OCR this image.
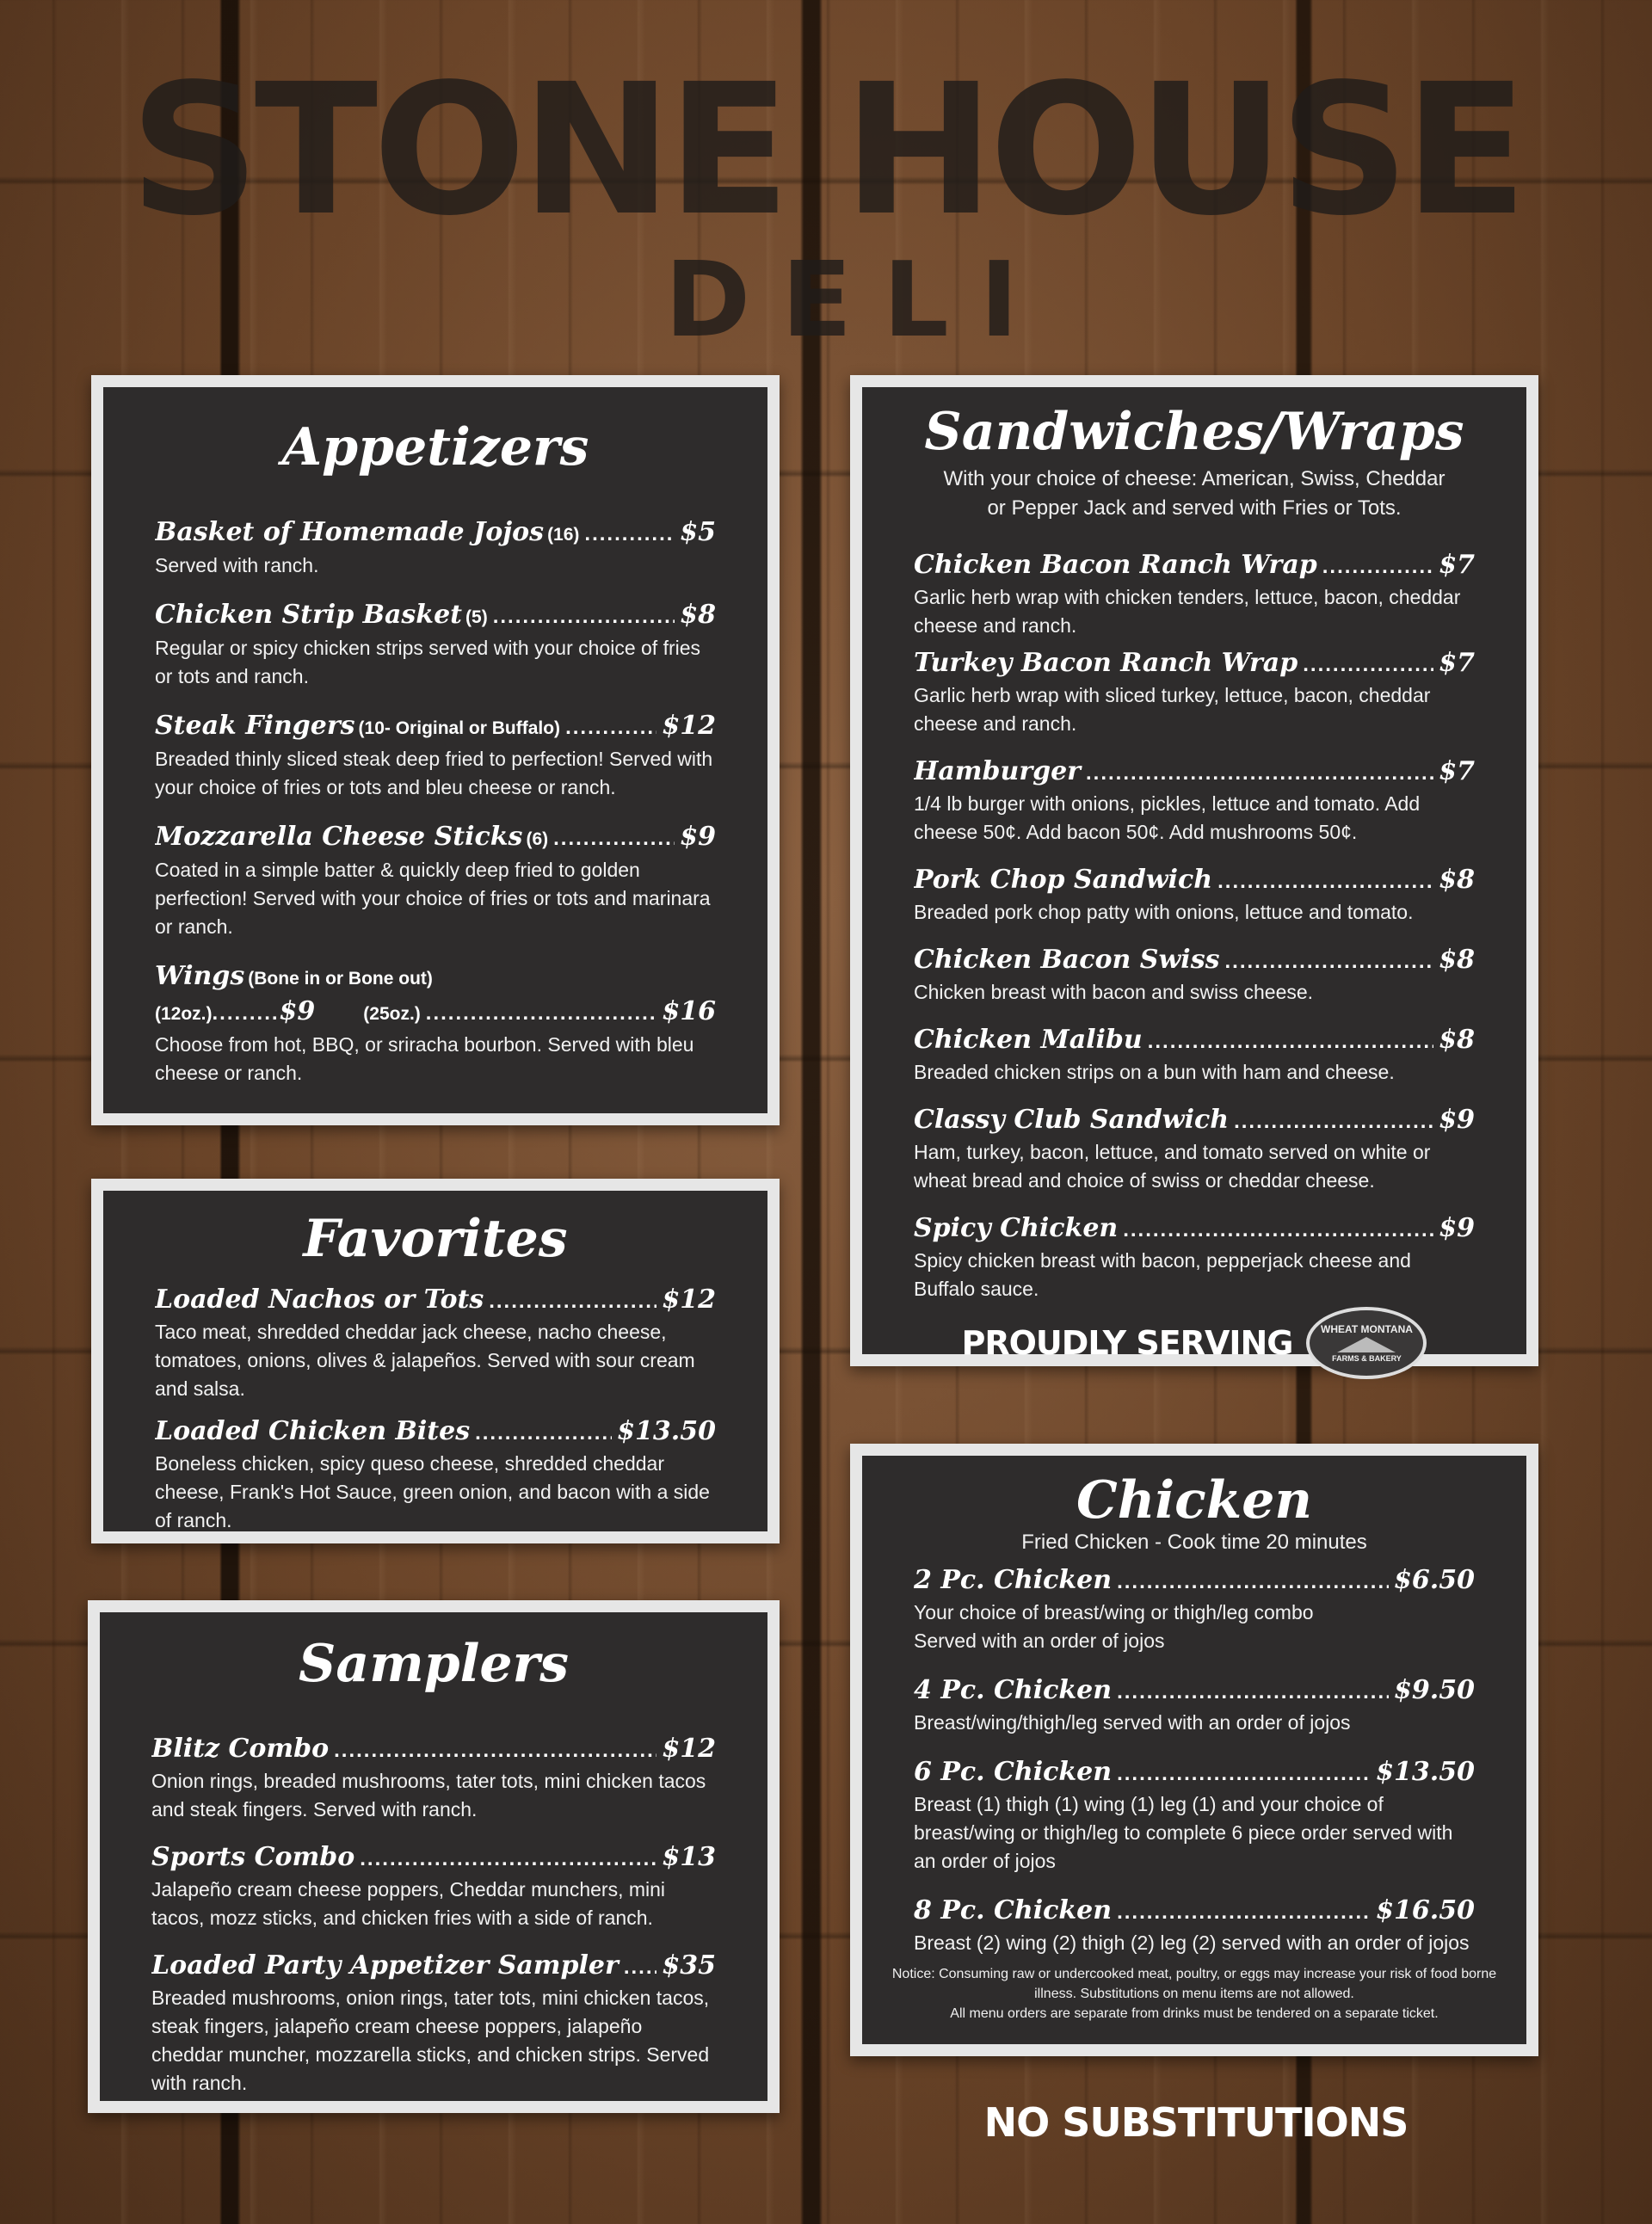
STONE HOUSE
DELI
Appetizers
Basket of Homemade Jojos (16) .....	$5
Served with ranch.
Chicken Strip Basket (5) .....	$8
Regular or spicy chicken strips served with your choice of fries or tots and ranch.
Steak Fingers (10- Original or Buffalo) .....	$12
Breaded thinly sliced steak deep fried to perfection! Served with your choice of fries or tots and bleu cheese or ranch.
Mozzarella Cheese Sticks (6) .....	$9
Coated in a simple batter & quickly deep fried to golden perfection! Served with your choice of fries or tots and marinara or ranch.
Wings (Bone in or Bone out)
(12oz.) ......... $9	(25oz.) .....	$16
Choose from hot, BBQ, or sriracha bourbon. Served with bleu cheese or ranch.
Favorites
Loaded Nachos or Tots .....	$12
Taco meat, shredded cheddar jack cheese, nacho cheese, tomatoes, onions, olives & jalapeños. Served with sour cream and salsa.
Loaded Chicken Bites .....	$13.50
Boneless chicken, spicy queso cheese, shredded cheddar cheese, Frank's Hot Sauce, green onion, and bacon with a side of ranch.
Samplers
Blitz Combo .....	$12
Onion rings, breaded mushrooms, tater tots, mini chicken tacos and steak fingers. Served with ranch.
Sports Combo .....	$13
Jalapeño cream cheese poppers, Cheddar munchers, mini tacos, mozz sticks, and chicken fries with a side of ranch.
Loaded Party Appetizer Sampler ..... $35
Breaded mushrooms, onion rings, tater tots, mini chicken tacos, steak fingers, jalapeño cream cheese poppers, jalapeño cheddar muncher, mozzarella sticks, and chicken strips. Served with ranch.
Sandwiches/Wraps
With your choice of cheese: American, Swiss, Cheddar or Pepper Jack and served with Fries or Tots.
Chicken Bacon Ranch Wrap .....	$7
Garlic herb wrap with chicken tenders, lettuce, bacon, cheddar cheese and ranch.
Turkey Bacon Ranch Wrap .....	$7
Garlic herb wrap with sliced turkey, lettuce, bacon, cheddar cheese and ranch.
Hamburger .....	$7
1/4 lb burger with onions, pickles, lettuce and tomato. Add cheese 50¢. Add bacon 50¢. Add mushrooms 50¢.
Pork Chop Sandwich .....	$8
Breaded pork chop patty with onions, lettuce and tomato.
Chicken Bacon Swiss .....	$8
Chicken breast with bacon and swiss cheese.
Chicken Malibu .....	$8
Breaded chicken strips on a bun with ham and cheese.
Classy Club Sandwich .....	$9
Ham, turkey, bacon, lettuce, and tomato served on white or wheat bread and choice of swiss or cheddar cheese.
Spicy Chicken .....	$9
Spicy chicken breast with bacon, pepperjack cheese and Buffalo sauce.
PROUDLY SERVING	WHEAT MONTANA
FARMS & BAKERY
Chicken
Fried Chicken - Cook time 20 minutes
2 Pc. Chicken .....	$6.50
Your choice of breast/wing or thigh/leg combo Served with an order of jojos
4 Pc. Chicken .....	$9.50
Breast/wing/thigh/leg served with an order of jojos
6 Pc. Chicken .....	$13.50
Breast (1) thigh (1) wing (1) leg (1) and your choice of breast/wing or thigh/leg to complete 6 piece order served with an order of jojos
8 Pc. Chicken .....	$16.50
Breast (2) wing (2) thigh (2) leg (2) served with an order of jojos
Notice: Consuming raw or undercooked meat, poultry, or eggs may increase your risk of food borne illness. Substitutions on menu items are not allowed.
All menu orders are separate from drinks must be tendered on a separate ticket.
NO SUBSTITUTIONS
